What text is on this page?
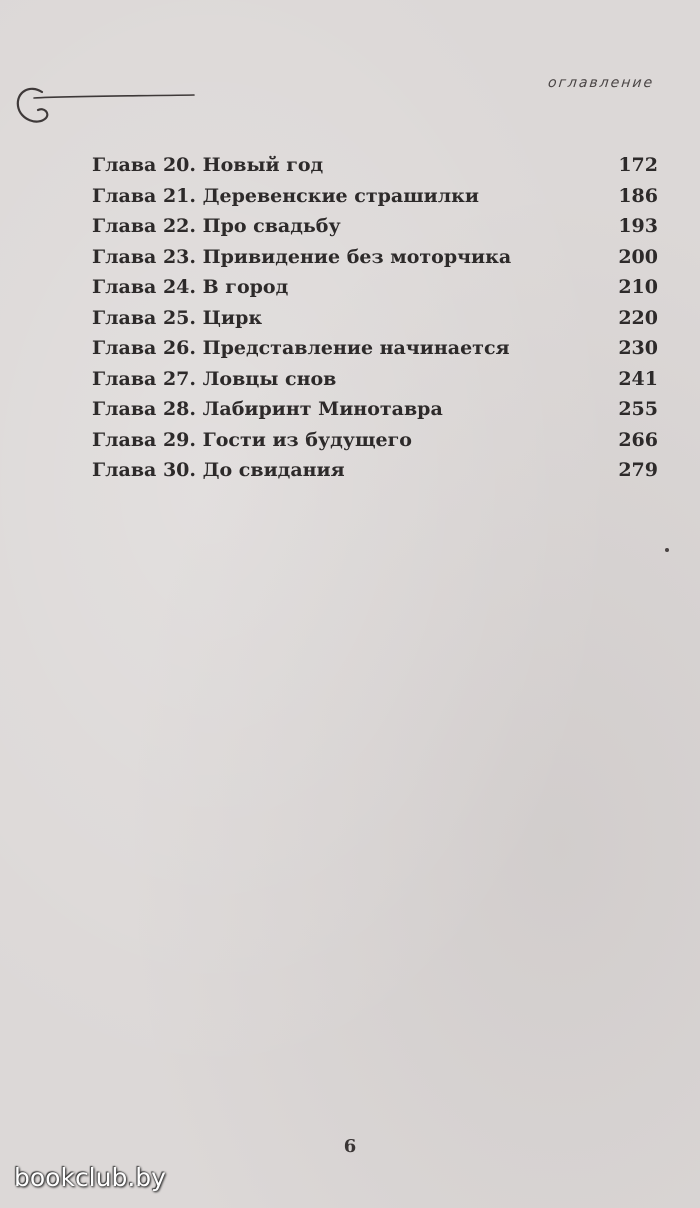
оглавление
Глава 20. Новый год	172
Глава 21. Деревенские страшилки	186
Глава 22. Про свадьбу	193
Глава 23. Привидение без моторчика	200
Глава 24. В город	210
Глава 25. Цирк	220
Глава 26. Представление начинается	230
Глава 27. Ловцы снов	241
Глава 28. Лабиринт Минотавра	255
Глава 29. Гости из будущего	266
Глава 30. До свидания	279
6
bookclub.by
